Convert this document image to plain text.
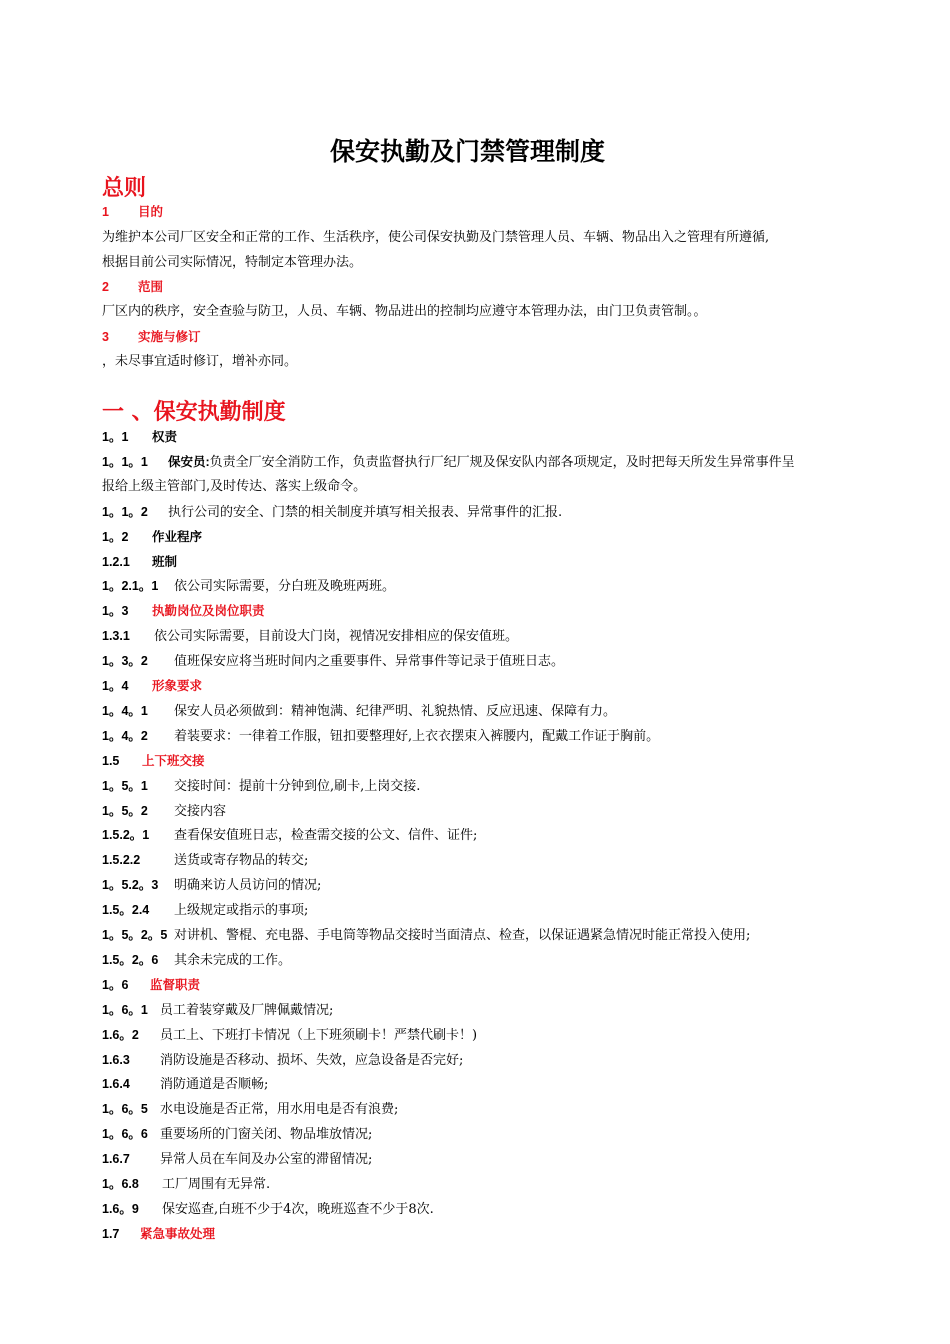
保安执勤及门禁管理制度
总则
1 目的
为维护本公司厂区安全和正常的工作、生活秩序，使公司保安执勤及门禁管理人员、车辆、物品出入之管理有所遵循,
根据目前公司实际情况，特制定本管理办法。
2 范围
厂区内的秩序，安全查验与防卫，人员、车辆、物品进出的控制均应遵守本管理办法，由门卫负责管制。。
3 实施与修订
，未尽事宜适时修订，增补亦同。
一 、保安执勤制度
1。1 权责
1。1。1 保安员:负责全厂安全消防工作，负责监督执行厂纪厂规及保安队内部各项规定，及时把每天所发生异常事件呈
报给上级主管部门,及时传达、落实上级命令。
1。1。2 执行公司的安全、门禁的相关制度并填写相关报表、异常事件的汇报.
1。2 作业程序
1.2.1 班制
1。2.1。1 依公司实际需要，分白班及晚班两班。
1。3 执勤岗位及岗位职责
1.3.1 依公司实际需要，目前设大门岗，视情况安排相应的保安值班。
1。3。2 值班保安应将当班时间内之重要事件、异常事件等记录于值班日志。
1。4 形象要求
1。4。1 保安人员必须做到：精神饱满、纪律严明、礼貌热情、反应迅速、保障有力。
1。4。2 着装要求：一律着工作服，钮扣要整理好,上衣衣摆束入裤腰内，配戴工作证于胸前。
1.5 上下班交接
1。5。1 交接时间：提前十分钟到位,刷卡,上岗交接.
1。5。2 交接内容
1.5.2。1 查看保安值班日志，检查需交接的公文、信件、证件;
1.5.2.2	送货或寄存物品的转交;
1。5.2。3 明确来访人员访问的情况;
1.5。2.4 上级规定或指示的事项;
1。5。2。5 对讲机、警棍、充电器、手电筒等物品交接时当面清点、检查，以保证遇紧急情况时能正常投入使用;
1.5。2。6 其余未完成的工作。
1。6 监督职责
1。6。1 员工着装穿戴及厂牌佩戴情况;
1.6。2 员工上、下班打卡情况（上下班须刷卡！严禁代刷卡！)
1.6.3 消防设施是否移动、损坏、失效，应急设备是否完好;
1.6.4 消防通道是否顺畅;
1。6。5 水电设施是否正常，用水用电是否有浪费;
1。6。6 重要场所的门窗关闭、物品堆放情况;
1.6.7 异常人员在车间及办公室的滞留情况;
1。6.8 工厂周围有无异常.
1.6。9 保安巡查,白班不少于4次，晚班巡查不少于8次.
1.7 紧急事故处理
